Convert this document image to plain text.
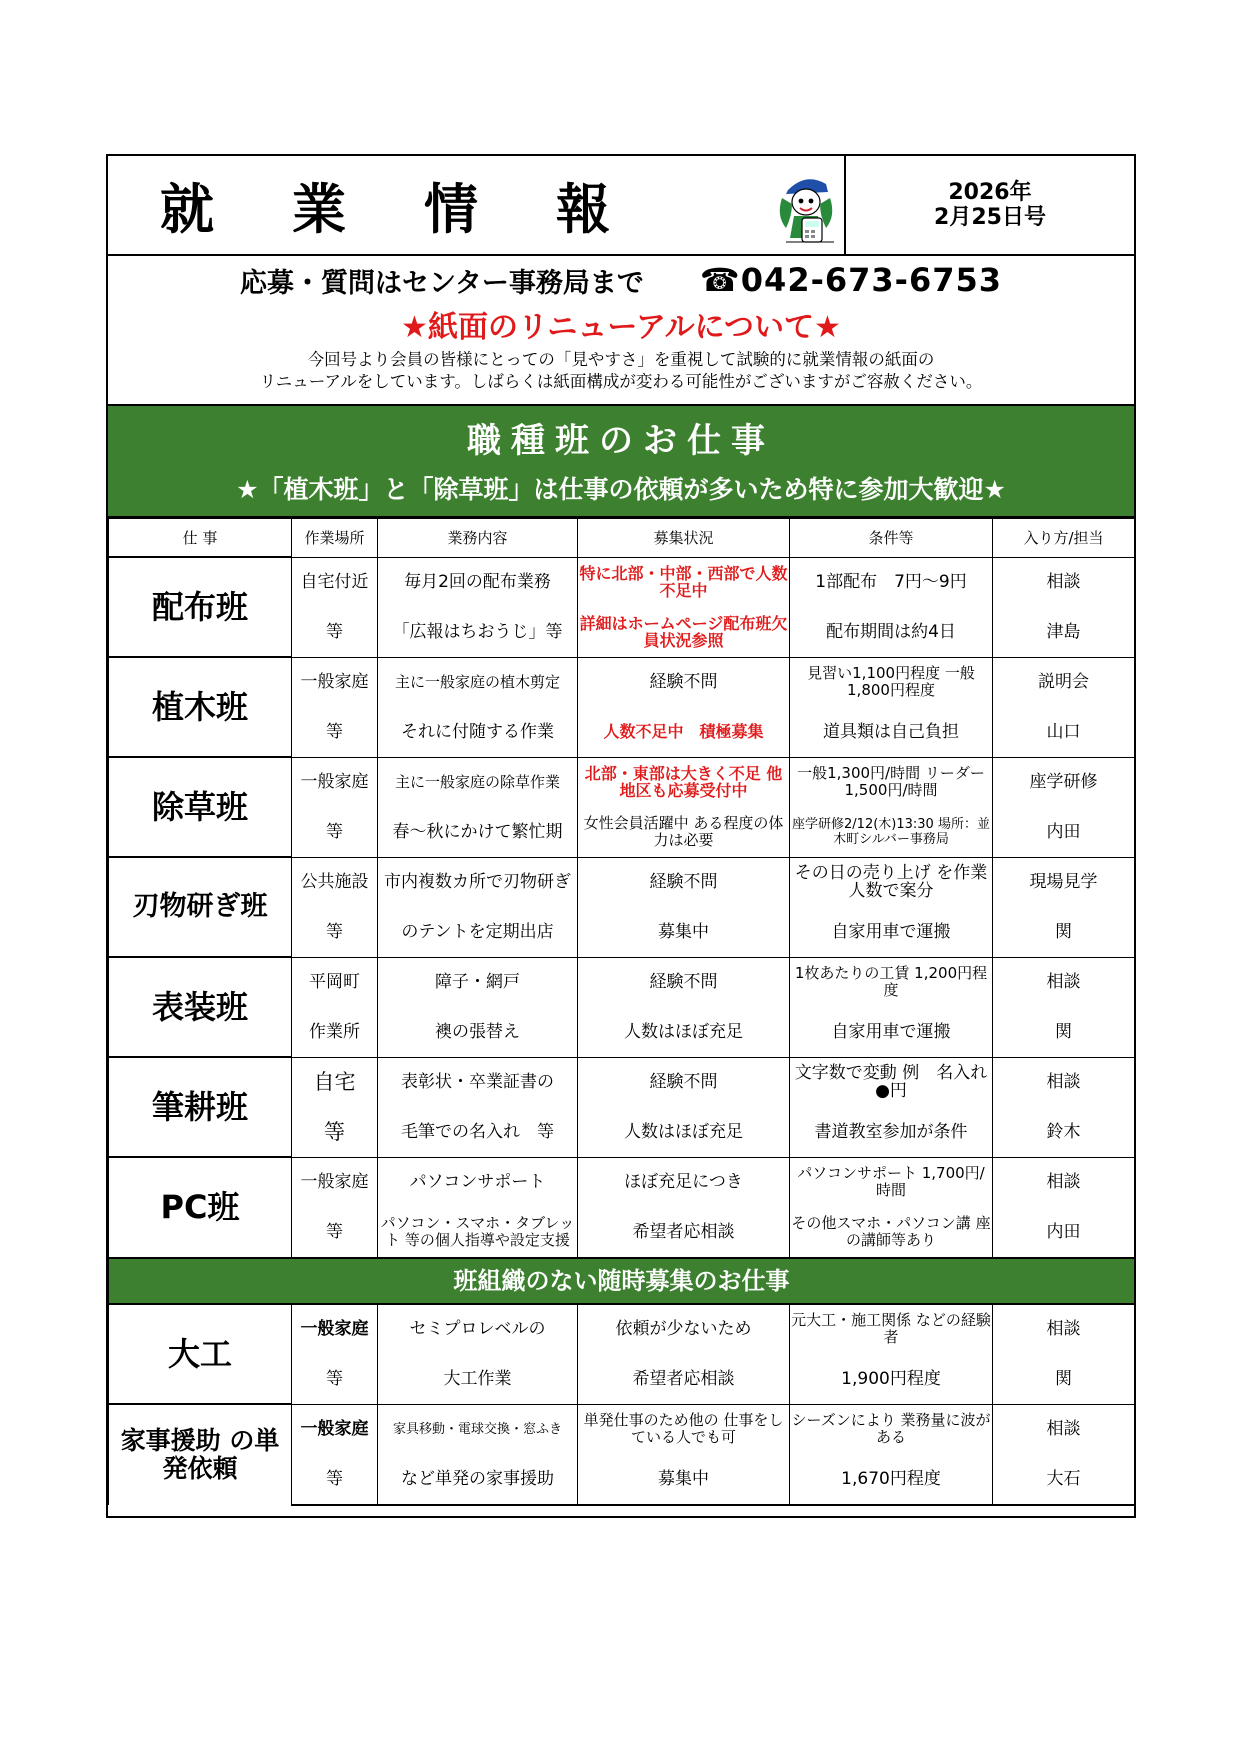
就業情報	2026年
2月25日号
応募・質問はセンター事務局まで ☎042-673-6753
★紙面のリニューアルについて★
今回号より会員の皆様にとっての「見やすさ」を重視して試験的に就業情報の紙面の
リニューアルをしています。しばらくは紙面構成が変わる可能性がございますがご容赦ください。
職種班のお仕事
★「植木班」と「除草班」は仕事の依頼が多いため特に参加大歓迎★
仕 事	作業場所	業務内容	募集状況	条件等	入り方/担当
配布班	自宅付近	毎月2回の配布業務	特に北部・中部・西部で人数不足中	1部配布　7円～9円	相談
	等	「広報はちおうじ」等	詳細はホームページ配布班欠員状況参照	配布期間は約4日	津島
植木班	一般家庭	主に一般家庭の植木剪定	経験不問	見習い1,100円程度 一般1,800円程度	説明会
	等	それに付随する作業	人数不足中　積極募集	道具類は自己負担	山口
除草班	一般家庭	主に一般家庭の除草作業	北部・東部は大きく不足 他地区も応募受付中	一般1,300円/時間 リーダー1,500円/時間	座学研修
	等	春～秋にかけて繁忙期	女性会員活躍中 ある程度の体力は必要	座学研修2/12(木)13:30 場所：並木町シルバー事務局	内田
刃物研ぎ班	公共施設	市内複数カ所で刃物研ぎ	経験不問	その日の売り上げ を作業人数で案分	現場見学
	等	のテントを定期出店	募集中	自家用車で運搬	関
表装班	平岡町	障子・網戸	経験不問	1枚あたりの工賃 1,200円程度	相談
	作業所	襖の張替え	人数はほぼ充足	自家用車で運搬	関
筆耕班	自宅	表彰状・卒業証書の	経験不問	文字数で変動 例　名入れ●円	相談
	等	毛筆での名入れ　等	人数はほぼ充足	書道教室参加が条件	鈴木
PC班	一般家庭	パソコンサポート	ほぼ充足につき	パソコンサポート 1,700円/時間	相談
	等	パソコン・スマホ・タブレット 等の個人指導や設定支援	希望者応相談	その他スマホ・パソコン講 座の講師等あり	内田
班組織のない随時募集のお仕事					
大工	一般家庭	セミプロレベルの	依頼が少ないため	元大工・施工関係 などの経験者	相談
	等	大工作業	希望者応相談	1,900円程度	関
家事援助 の単発依頼	一般家庭	家具移動・電球交換・窓ふき	単発仕事のため他の 仕事をしている人でも可	シーズンにより 業務量に波がある	相談
	等	など単発の家事援助	募集中	1,670円程度	大石
